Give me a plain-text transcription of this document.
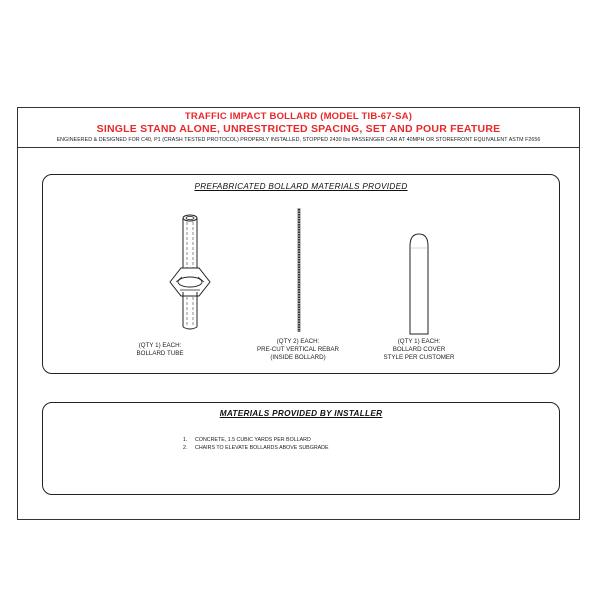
TRAFFIC IMPACT BOLLARD (MODEL TIB-67-SA)
SINGLE STAND ALONE, UNRESTRICTED SPACING, SET AND POUR FEATURE
ENGINEERED & DESIGNED FOR C40, P1 (CRASH TESTED PROTOCOL) PROPERLY INSTALLED, STOPPED 2430 lbs PASSENGER CAR AT 40MPH OR STOREFRONT EQUIVALENT ASTM F2656
PREFABRICATED BOLLARD MATERIALS PROVIDED
(QTY 1) EACH:
BOLLARD TUBE
(QTY 2) EACH:
PRE-CUT VERTICAL REBAR
(INSIDE BOLLARD)
(QTY 1) EACH:
BOLLARD COVER
STYLE PER CUSTOMER
MATERIALS PROVIDED BY INSTALLER
1.	CONCRETE, 1.5 CUBIC YARDS PER BOLLARD
2.	CHAIRS TO ELEVATE BOLLARDS ABOVE SUBGRADE
